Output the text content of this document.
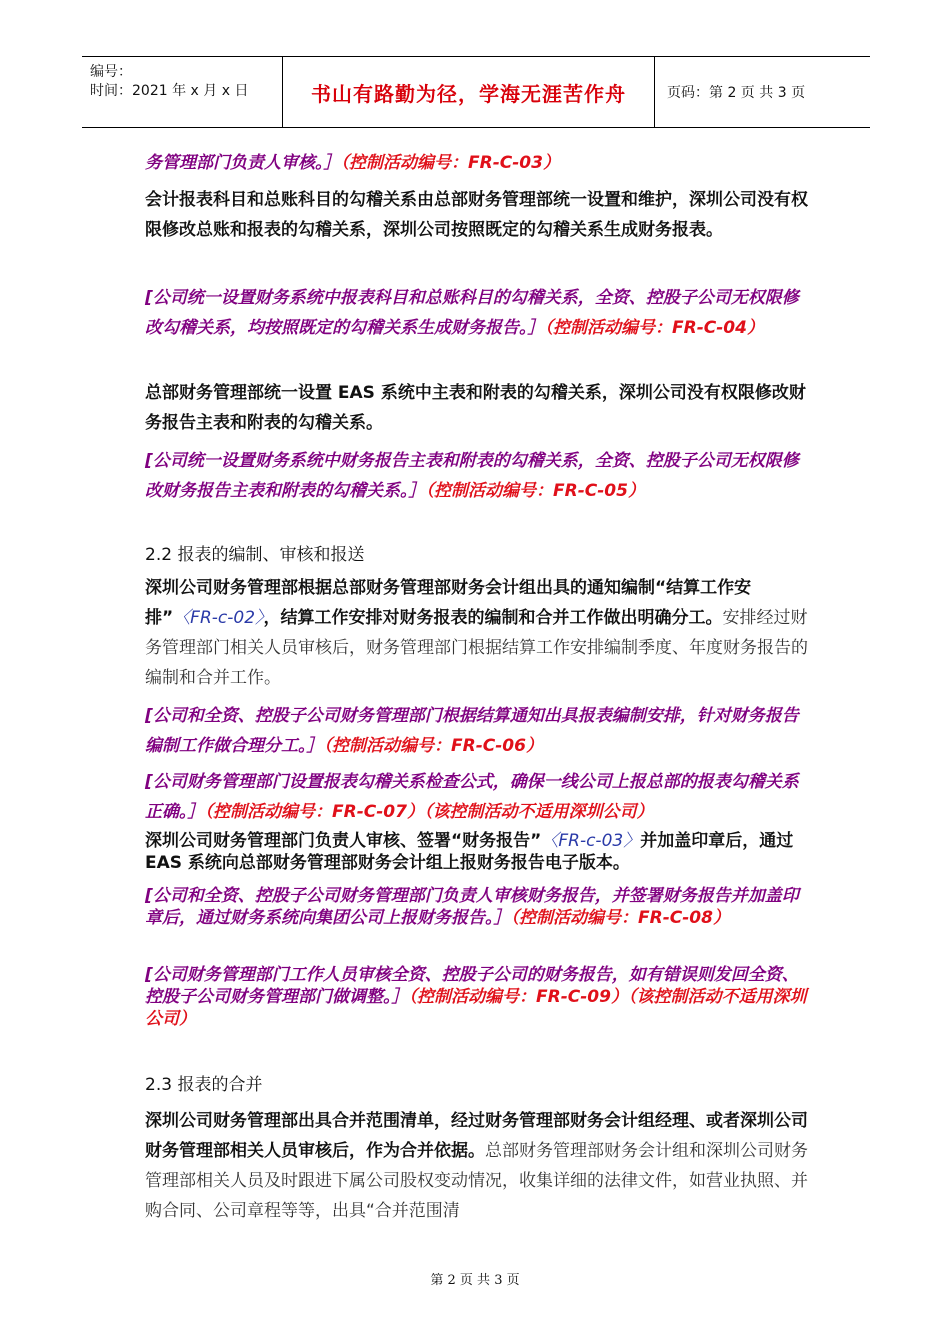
编号：
时间：2021 年 x 月 x 日	书山有路勤为径，学海无涯苦作舟	页码：第 2 页 共 3 页
务管理部门负责人审核。］（控制活动编号：FR-C-03）
会计报表科目和总账科目的勾稽关系由总部财务管理部统一设置和维护，深圳公司没有权限修改总账和报表的勾稽关系，深圳公司按照既定的勾稽关系生成财务报表。
[公司统一设置财务系统中报表科目和总账科目的勾稽关系，全资、控股子公司无权限修改勾稽关系，均按照既定的勾稽关系生成财务报告。］（控制活动编号：FR-C-04）
总部财务管理部统一设置 EAS 系统中主表和附表的勾稽关系，深圳公司没有权限修改财务报告主表和附表的勾稽关系。
[公司统一设置财务系统中财务报告主表和附表的勾稽关系，全资、控股子公司无权限修改财务报告主表和附表的勾稽关系。］（控制活动编号：FR-C-05）
2.2 报表的编制、审核和报送
深圳公司财务管理部根据总部财务管理部财务会计组出具的通知编制“结算工作安排”〈FR-c-02〉，结算工作安排对财务报表的编制和合并工作做出明确分工。安排经过财务管理部门相关人员审核后，财务管理部门根据结算工作安排编制季度、年度财务报告的编制和合并工作。
[公司和全资、控股子公司财务管理部门根据结算通知出具报表编制安排，针对财务报告编制工作做合理分工。］（控制活动编号：FR-C-06）
[公司财务管理部门设置报表勾稽关系检查公式，确保一线公司上报总部的报表勾稽关系正确。］（控制活动编号：FR-C-07）（该控制活动不适用深圳公司）
深圳公司财务管理部门负责人审核、签署“财务报告”〈FR-c-03〉并加盖印章后，通过 EAS 系统向总部财务管理部财务会计组上报财务报告电子版本。
[公司和全资、控股子公司财务管理部门负责人审核财务报告，并签署财务报告并加盖印章后，通过财务系统向集团公司上报财务报告。］（控制活动编号：FR-C-08）
[公司财务管理部门工作人员审核全资、控股子公司的财务报告，如有错误则发回全资、控股子公司财务管理部门做调整。］（控制活动编号：FR-C-09）（该控制活动不适用深圳公司）
2.3 报表的合并
深圳公司财务管理部出具合并范围清单，经过财务管理部财务会计组经理、或者深圳公司财务管理部相关人员审核后，作为合并依据。总部财务管理部财务会计组和深圳公司财务管理部相关人员及时跟进下属公司股权变动情况，收集详细的法律文件，如营业执照、并购合同、公司章程等等，出具“合并范围清
第 2 页 共 3 页
